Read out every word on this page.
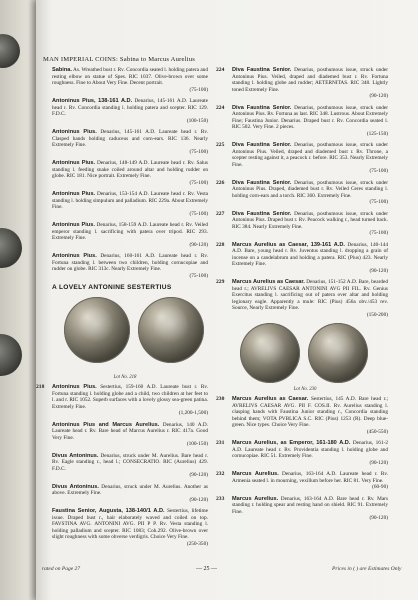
MAN IMPERIAL COINS: Sabina to Marcus Aurelius
Sabina. As. Wreathed bust r. Rv. Concordia seated l. holding patera and resting elbow on statue of Spes. RIC 1037. Olive-brown over some roughness. Fine to About Very Fine. Decent portrait.
(75-100)
Antoninus Pius, 138-161 A.D. Denarius, 145-161 A.D. Laureate head r. Rv. Concordia standing l. holding patera and scepter. RIC 129. F.D.C.
(100-150)
Antoninus Pius. Denarius, 145-161 A.D. Laureate head r. Rv. Clasped hands holding caduceus and corn-ears. RIC 136. Nearly Extremely Fine.
(75-100)
Antoninus Pius. Denarius, 148-149 A.D. Laureate head r. Rv. Salus standing l. feeding snake coiled around altar and holding rudder on globe. RIC 181. Nice portrait. Extremely Fine.
(75-100)
Antoninus Pius. Denarius, 153-154 A.D. Laureate head r. Rv. Vesta standing l. holding simpulum and palladium. RIC 229a. About Extremely Fine.
(75-100)
Antoninus Pius. Denarius, 158-159 A.D. Laureate head r. Rv. Veiled emperor standing l. sacrificing with patera over tripod. RIC 293. Extremely Fine.
(90-120)
Antoninus Pius. Denarius, 160-161 A.D. Laureate head r. Rv. Fortuna standing l. between two children, holding cornucopiae and rudder on globe. RIC 313c. Nearly Extremely Fine.
(75-100)
A LOVELY ANTONINE SESTERTIUS
Lot No. 218
218 Antoninus Pius. Sestertius, 159-160 A.D. Laureate bust r. Rv. Fortuna standing l. holding globe and a child, two children at her feet to l. and r. RIC 1052. Superb surfaces with a lovely glossy sea-green patina. Extremely Fine.
(1,200-1,500)
Antoninus Pius and Marcus Aurelius. Denarius, 140 A.D. Laureate head r. Rv. Bare head of Marcus Aurelius r. RIC 417a. Good Very Fine.
(100-150)
Divus Antoninus. Denarius, struck under M. Aurelius. Bare head r. Rv. Eagle standing r., head l.; CONSECRATIO. RIC (Aurelius) 429. F.D.C.
(90-120)
Divus Antoninus. Denarius, struck under M. Aurelius. Another as above. Extremely Fine.
(90-120)
Faustina Senior, Augusta, 138-140/1 A.D. Sestertius, lifetime issue. Draped bust r., hair elaborately waved and coiled on top. FAVSTINA AVG. ANTONINI AVG. PII P P. Rv. Vesta standing l. holding palladium and scepter. RIC 1083; Coh.292. Olive-brown over slight roughness with some obverse verdigris. Choice Very Fine.
(250-350)
224 Diva Faustina Senior. Denarius, posthumous issue, struck under Antoninus Pius. Veiled, draped and diademed bust r. Rv. Fortuna standing l. holding globe and rudder; AETERNITAS. RIC 348. Lightly toned Extremely Fine.
(90-120)
224 Diva Faustina Senior. Denarius, posthumous issue, struck under Antoninus Pius. Rv. Fortuna as last. RIC 348. Lustrous. About Extremely Fine; Faustina Junior. Denarius. Draped bust r. Rv. Concordia seated l. RIC 502. Very Fine. 2 pieces.
(125-150)
225 Diva Faustina Senior. Denarius, posthumous issue, struck under Antoninus Pius. Veiled, draped and diademed bust r. Rv. Throne, a scepter resting against it, a peacock r. before. RIC 353. Nearly Extremely Fine.
(75-100)
226 Diva Faustina Senior. Denarius, posthumous issue, struck under Antoninus Pius. Draped, diademed bust r. Rv. Veiled Ceres standing l. holding corn-ears and a torch. RIC 360. Extremely Fine.
(75-100)
227 Diva Faustina Senior. Denarius, posthumous issue, struck under Antoninus Pius. Draped bust r. Rv. Peacock walking r., head turned back. RIC 384. Nearly Extremely Fine.
(75-100)
228 Marcus Aurelius as Caesar, 139-161 A.D. Denarius, 140-144 A.D. Bare, young head r. Rv. Juventus standing l. dropping a grain of incense on a candelabrum and holding a patera. RIC (Pius) 423. Nearly Extremely Fine.
(90-120)
229 Marcus Aurelius as Caesar. Denarius, 151-152 A.D. Bare, bearded head r.; AVRELIVS CAESAR ANTONINI AVG PII FIL. Rv. Genius Exercitus standing l. sacrificing out of patera over altar and holding legionary eagle. Apparently a mule: RIC (Pius) 456a obv./453 rev. Source, Nearly Extremely Fine.
(150-200)
Lot No. 230
230 Marcus Aurelius as Caesar. Sestertius, 145 A.D. Bare head r.; AVRELIVS CAESAR AVG. PII F. COS.II. Rv. Aurelius standing l. clasping hands with Faustina Junior standing r., Concordia standing behind them; VOTA PVBLICA S.C. RIC (Pius) 1253 (R). Deep blue-green. Nice types. Choice Very Fine.
(450-550)
231 Marcus Aurelius, as Emperor, 161-180 A.D. Denarius, 161-2 A.D. Laureate head r. Rv. Providentia standing l. holding globe and cornucopiae. RIC 51. Extremely Fine.
(90-120)
232 Marcus Aurelius. Denarius, 163-164 A.D. Laureate head r. Rv. Armenia seated l. in mourning, vexillum before her. RIC 81. Very Fine.
(60-90)
233 Marcus Aurelius. Denarius, 163-164 A.D. Bare head r. Rv. Mars standing r. holding spear and resting hand on shield. RIC 91. Extremely Fine.
(90-120)
rated on Page 27	— 25 —	Prices in ( ) are Estimates Only
